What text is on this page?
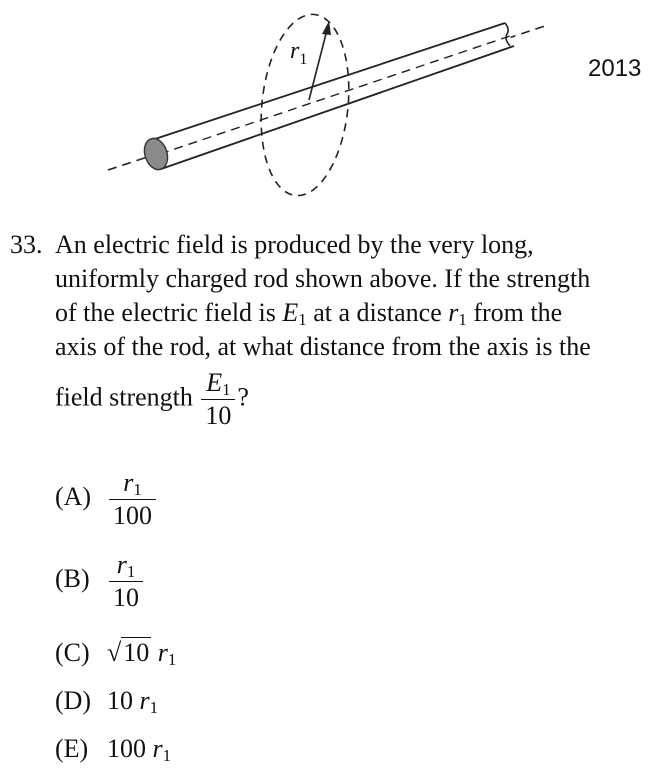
$r_1$	2013
33. An electric field is produced by the very long,
uniformly charged rod shown above. If the strength
of the electric field is $E_1$ at a distance $r_1$ from the
axis of the rod, at what distance from the axis is the
field strength $\frac{E_1}{10}$ ?
$(A) \frac{r_1}{100}$
$(B) \frac{r_1}{10}$
(C) √10 $r_1$
(D) 10 $r_1$
(E) 100 $r_1$
